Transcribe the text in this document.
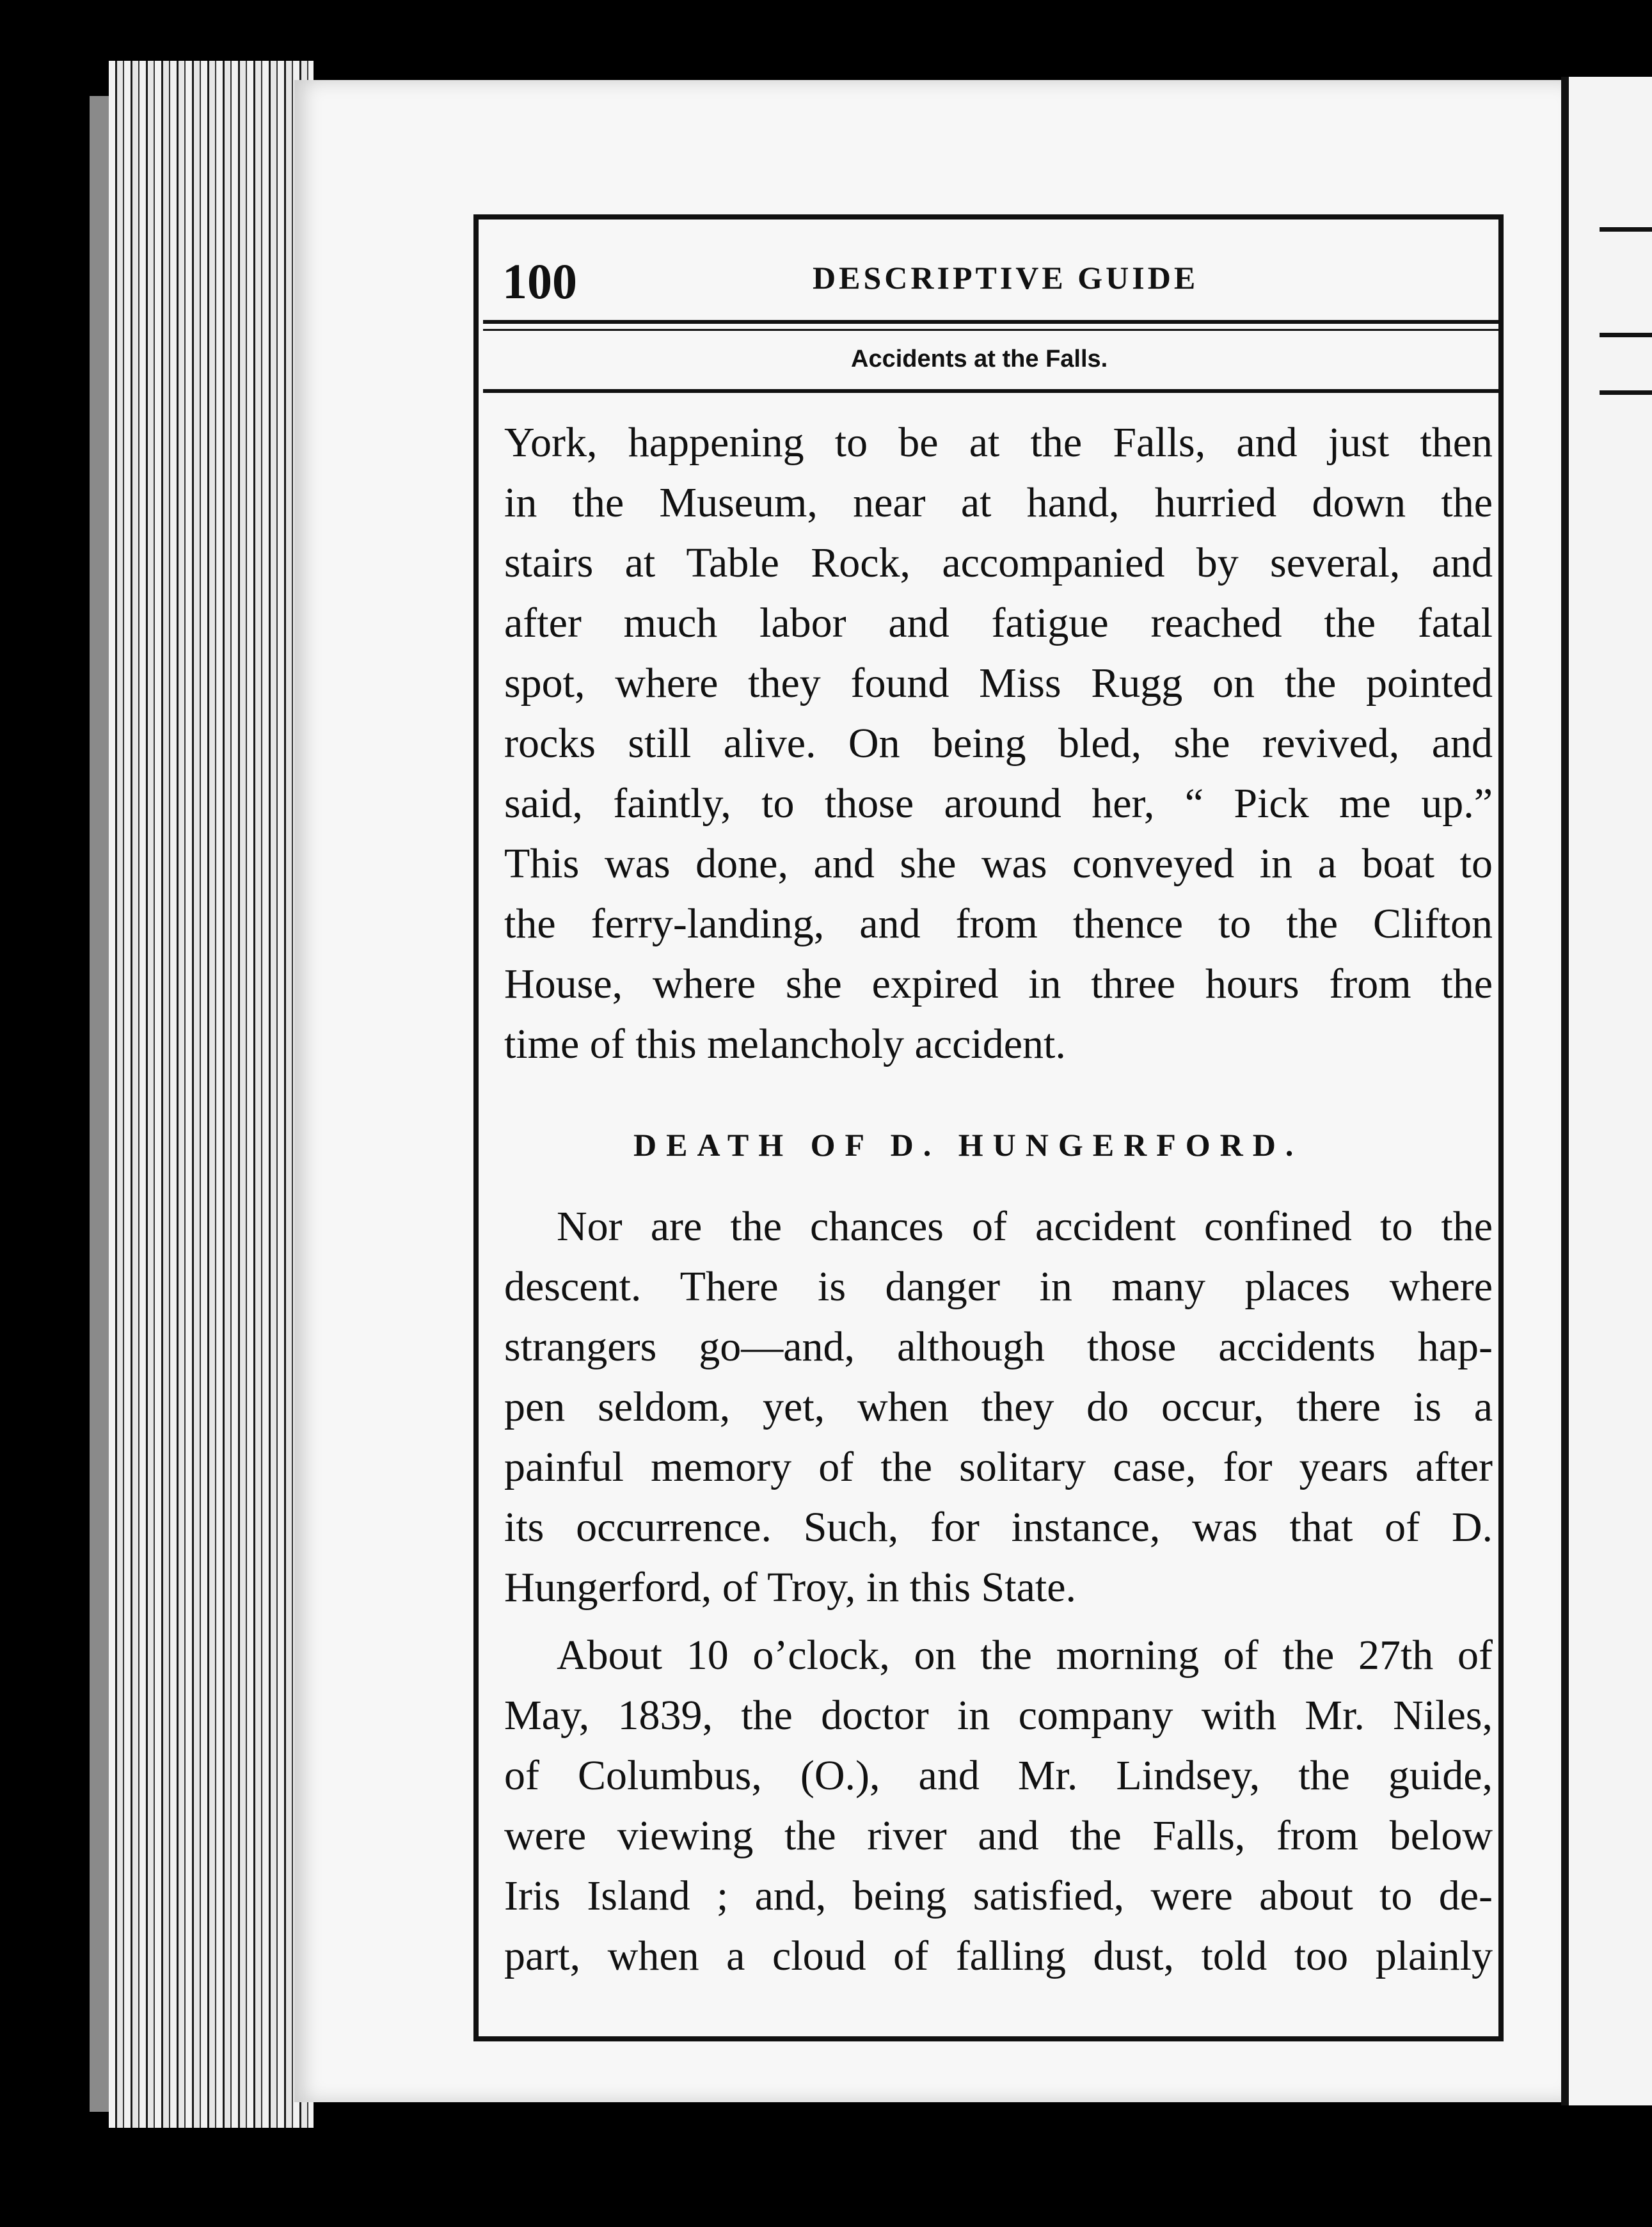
100	DESCRIPTIVE GUIDE
Accidents at the Falls.
York, happening to be at the Falls, and just then
in the Museum, near at hand, hurried down the
stairs at Table Rock, accompanied by several, and
after much labor and fatigue reached the fatal
spot, where they found Miss Rugg on the pointed
rocks still alive. On being bled, she revived, and
said, faintly, to those around her, “ Pick me up.”
This was done, and she was conveyed in a boat to
the ferry-landing, and from thence to the Clifton
House, where she expired in three hours from the
time of this melancholy accident.
DEATH OF D. HUNGERFORD.
Nor are the chances of accident confined to the
descent. There is danger in many places where
strangers go—and, although those accidents hap-
pen seldom, yet, when they do occur, there is a
painful memory of the solitary case, for years after
its occurrence. Such, for instance, was that of D.
Hungerford, of Troy, in this State.
About 10 o’clock, on the morning of the 27th of
May, 1839, the doctor in company with Mr. Niles,
of Columbus, (O.), and Mr. Lindsey, the guide,
were viewing the river and the Falls, from below
Iris Island ; and, being satisfied, were about to de-
part, when a cloud of falling dust, told too plainly
